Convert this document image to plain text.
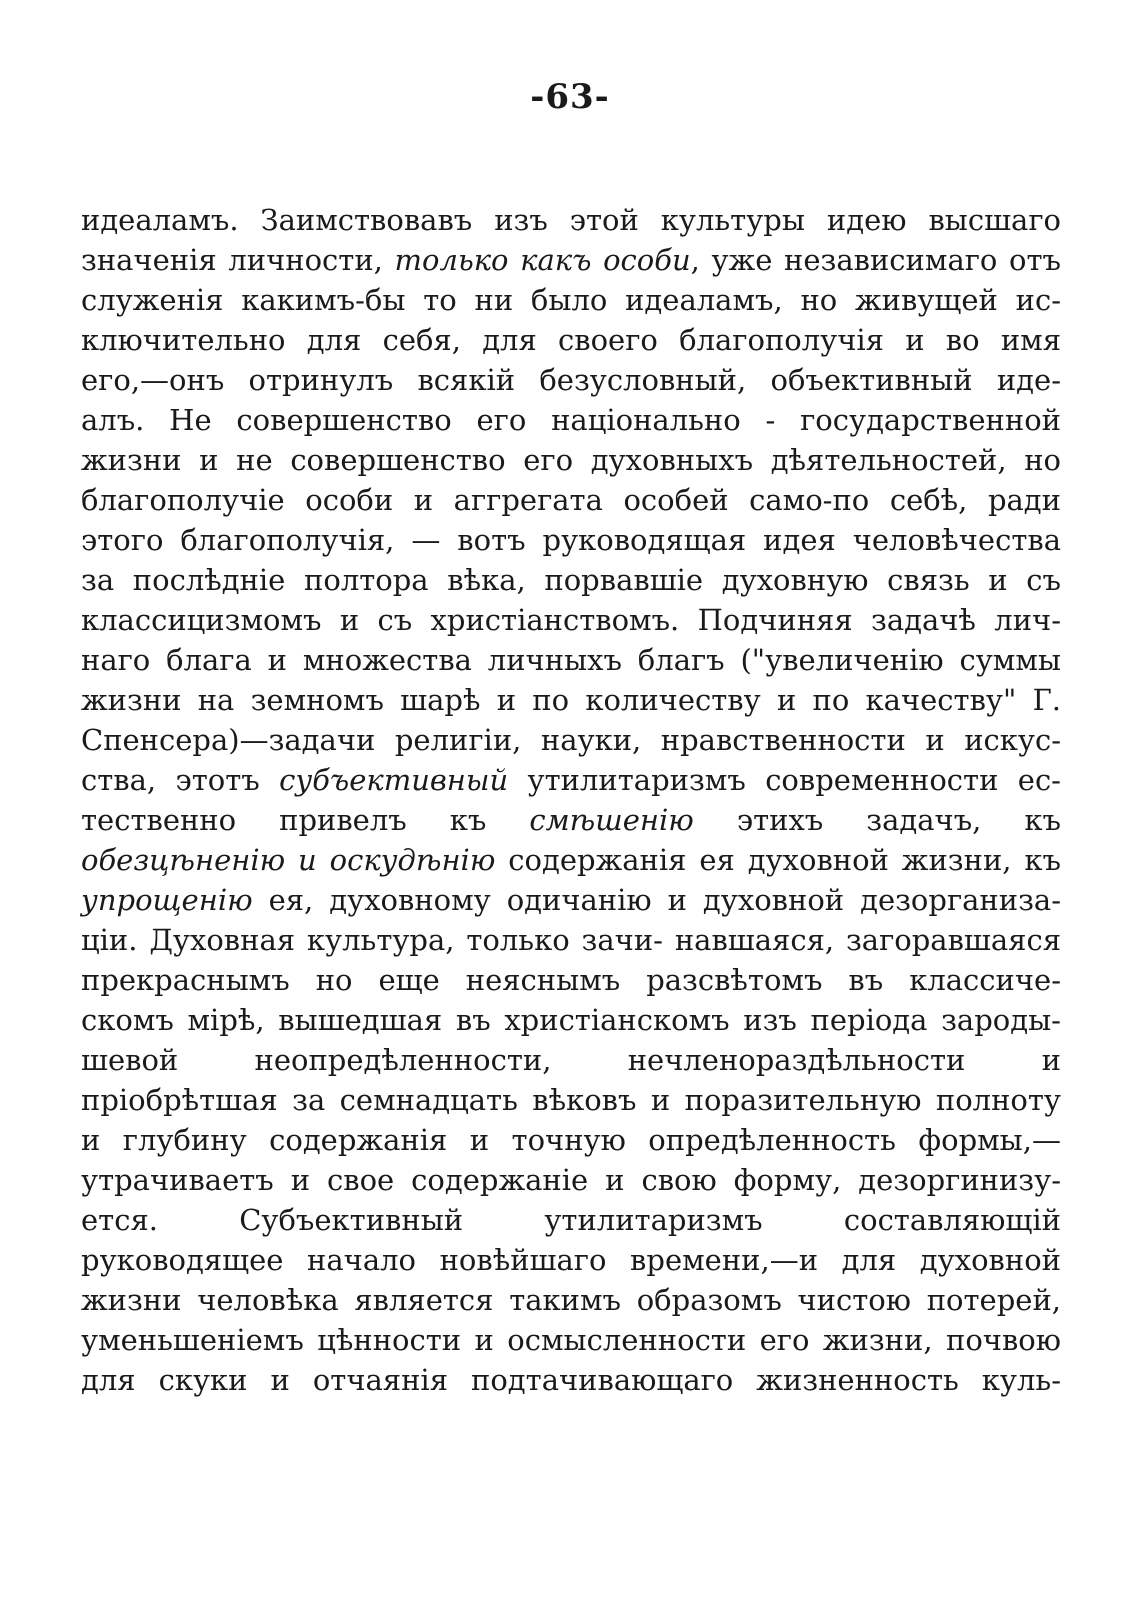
-63-
идеаламъ. Заимствовавъ изъ этой культуры идею высшаго
значенія личности, только какъ особи, уже независимаго отъ
служенія какимъ-бы то ни было идеаламъ, но живущей ис-
ключительно для себя, для своего благополучія и во имя
его,—онъ отринулъ всякій безусловный, объективный иде-
алъ. Не совершенство его національно - государственной
жизни и не совершенство его духовныхъ дѣятельностей, но
благополучіе особи и аггрегата особей само-по себѣ, ради
этого благополучія, — вотъ руководящая идея человѣчества
за послѣдніе полтора вѣка, порвавшіе духовную связь и съ
классицизмомъ и съ христіанствомъ. Подчиняя задачѣ лич-
наго блага и множества личныхъ благъ ("увеличенію суммы
жизни на земномъ шарѣ и по количеству и по качеству" Г.
Спенсера)—задачи религіи, науки, нравственности и искус-
ства, этотъ субъективный утилитаризмъ современности ес-
тественно привелъ къ смѣшенію этихъ задачъ, къ
обезцѣненію и оскудѣнію содержанія ея духовной жизни, къ
упрощенію ея, духовному одичанію и духовной дезорганиза-
ціи. Духовная культура, только зачи- навшаяся, загоравшаяся
прекраснымъ но еще неяснымъ разсвѣтомъ въ классиче-
скомъ мірѣ, вышедшая въ христіанскомъ изъ періода зароды-
шевой неопредѣленности, нечленораздѣльности и
пріобрѣтшая за семнадцать вѣковъ и поразительную полноту
и глубину содержанія и точную опредѣленность формы,—
утрачиваетъ и свое содержаніе и свою форму, дезоргинизу-
ется. Субъективный утилитаризмъ составляющій
руководящее начало новѣйшаго времени,—и для духовной
жизни человѣка является такимъ образомъ чистою потерей,
уменьшеніемъ цѣнности и осмысленности его жизни, почвою
для скуки и отчаянія подтачивающаго жизненность куль-
